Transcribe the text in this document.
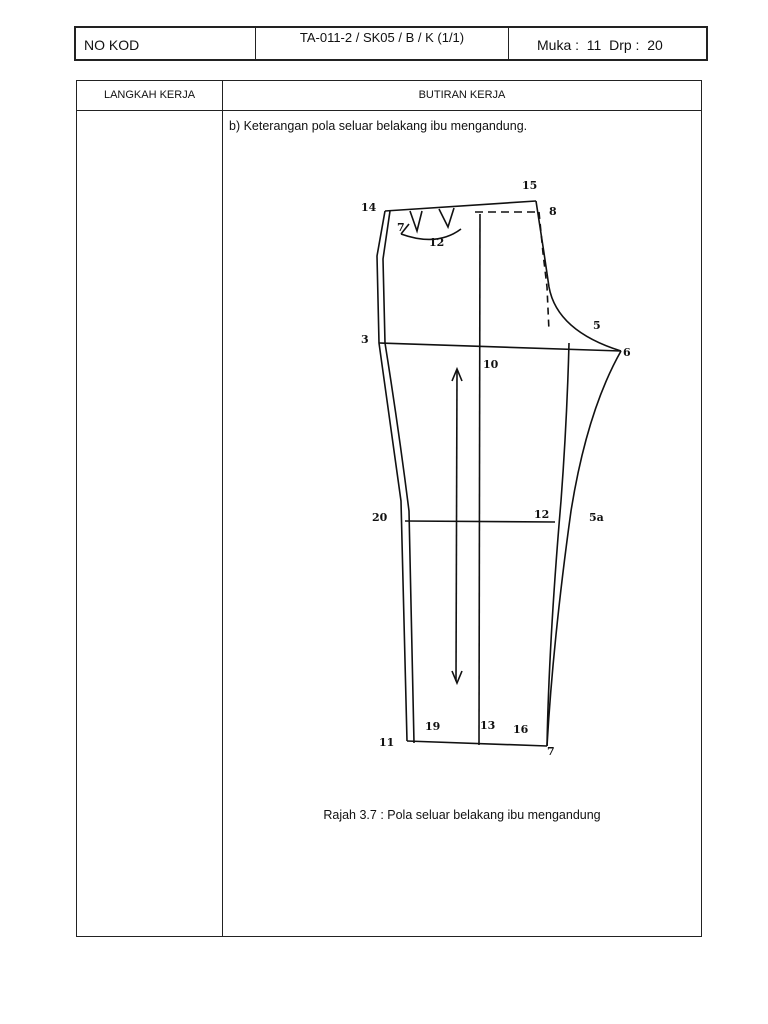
NO KOD	TA-011-2 / SK05 / B / K (1/1)	Muka :  11  Drp :  20
LANGKAH KERJA	BUTIRAN KERJA
b) Keterangan pola seluar belakang ibu mengandung.
14
15
8
7
12
3
10
5
6
20	12	5a
19	13 16
11
7
Rajah 3.7 : Pola seluar belakang ibu mengandung
